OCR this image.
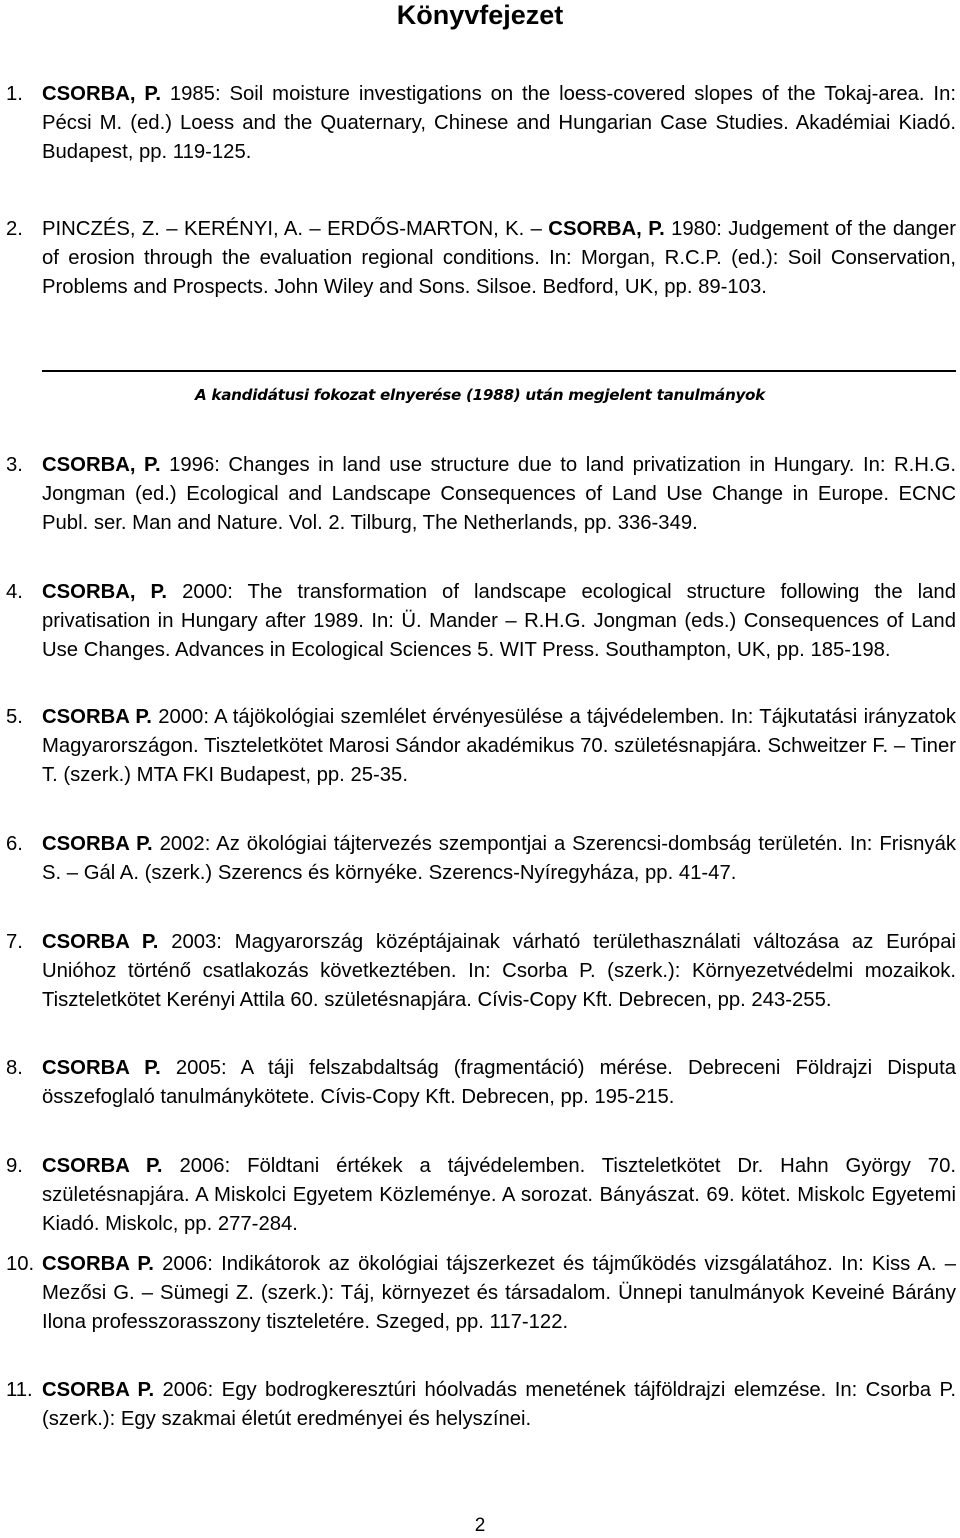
Könyvfejezet
1. CSORBA, P. 1985: Soil moisture investigations on the loess-covered slopes of the Tokaj-area. In: Pécsi M. (ed.) Loess and the Quaternary, Chinese and Hungarian Case Studies. Akadémiai Kiadó. Budapest, pp. 119-125.
2. PINCZÉS, Z. – KERÉNYI, A. – ERDŐS-MARTON, K. – CSORBA, P. 1980: Judgement of the danger of erosion through the evaluation regional conditions. In: Morgan, R.C.P. (ed.): Soil Conservation, Problems and Prospects. John Wiley and Sons. Silsoe. Bedford, UK, pp. 89-103.
A kandidátusi fokozat elnyerése (1988) után megjelent tanulmányok
3. CSORBA, P. 1996: Changes in land use structure due to land privatization in Hungary. In: R.H.G. Jongman (ed.) Ecological and Landscape Consequences of Land Use Change in Europe. ECNC Publ. ser. Man and Nature. Vol. 2. Tilburg, The Netherlands, pp. 336-349.
4. CSORBA, P. 2000: The transformation of landscape ecological structure following the land privatisation in Hungary after 1989. In: Ü. Mander – R.H.G. Jongman (eds.) Consequences of Land Use Changes. Advances in Ecological Sciences 5. WIT Press. Southampton, UK, pp. 185-198.
5. CSORBA P. 2000: A tájökológiai szemlélet érvényesülése a tájvédelemben. In: Tájkutatási irányzatok Magyarországon. Tiszteletkötet Marosi Sándor akadémikus 70. születésnapjára. Schweitzer F. – Tiner T. (szerk.) MTA FKI Budapest, pp. 25-35.
6. CSORBA P. 2002: Az ökológiai tájtervezés szempontjai a Szerencsi-dombság területén. In: Frisnyák S. – Gál A. (szerk.) Szerencs és környéke. Szerencs-Nyíregyháza, pp. 41-47.
7. CSORBA P. 2003: Magyarország középtájainak várható területhasználati változása az Európai Unióhoz történő csatlakozás következtében. In: Csorba P. (szerk.): Környezetvédelmi mozaikok. Tiszteletkötet Kerényi Attila 60. születésnapjára. Cívis-Copy Kft. Debrecen, pp. 243-255.
8. CSORBA P. 2005: A táji felszabdaltság (fragmentáció) mérése. Debreceni Földrajzi Disputa összefoglaló tanulmánykötete. Cívis-Copy Kft. Debrecen, pp. 195-215.
9. CSORBA P. 2006: Földtani értékek a tájvédelemben. Tiszteletkötet Dr. Hahn György 70. születésnapjára. A Miskolci Egyetem Közleménye. A sorozat. Bányászat. 69. kötet. Miskolc Egyetemi Kiadó. Miskolc, pp. 277-284.
10. CSORBA P. 2006: Indikátorok az ökológiai tájszerkezet és tájműködés vizsgálatához. In: Kiss A. – Mezősi G. – Sümegi Z. (szerk.): Táj, környezet és társadalom. Ünnepi tanulmányok Keveiné Bárány Ilona professzorasszony tiszteletére. Szeged, pp. 117-122.
11. CSORBA P. 2006: Egy bodrogkeresztúri hóolvadás menetének tájföldrajzi elemzése. In: Csorba P. (szerk.): Egy szakmai életút eredményei és helyszínei.
2
